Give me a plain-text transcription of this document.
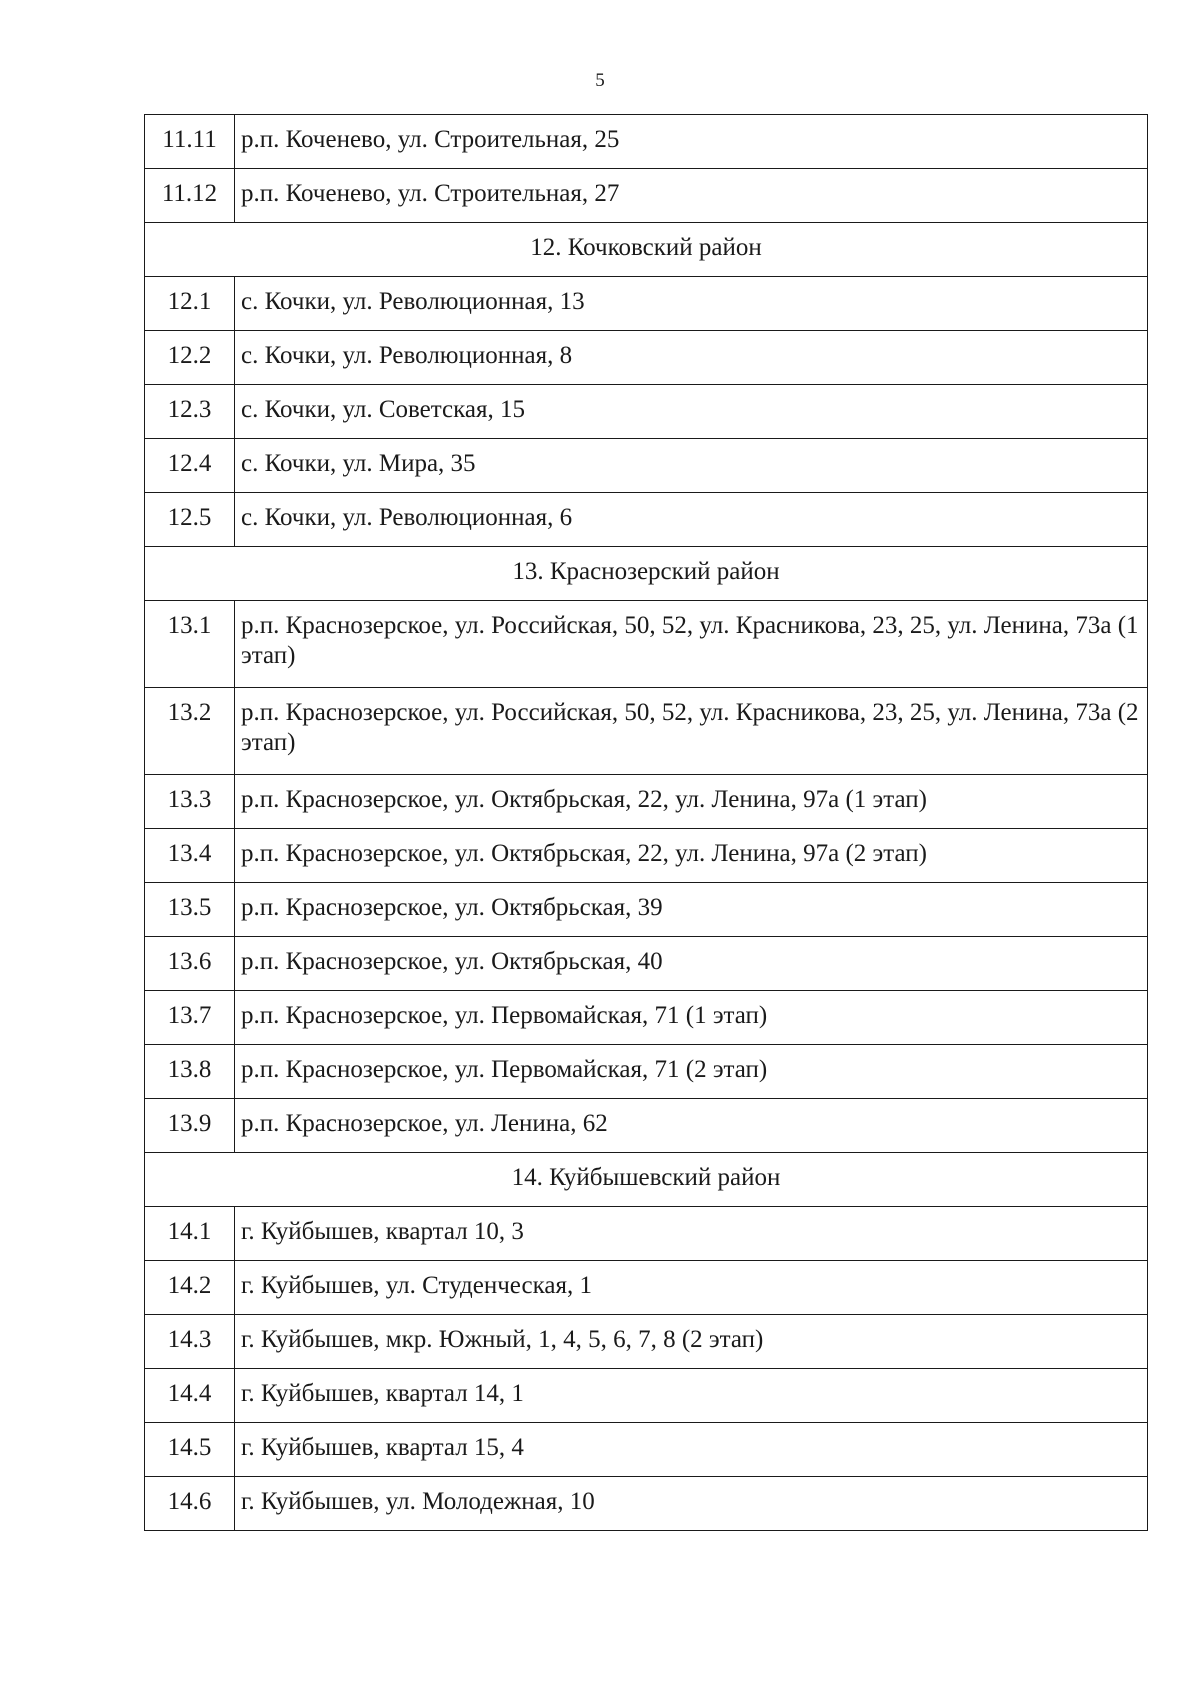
5
11.11	р.п. Коченево, ул. Строительная, 25
11.12	р.п. Коченево, ул. Строительная, 27
12. Кочковский район	
12.1	с. Кочки, ул. Революционная, 13
12.2	с. Кочки, ул. Революционная, 8
12.3	с. Кочки, ул. Советская, 15
12.4	с. Кочки, ул. Мира, 35
12.5	с. Кочки, ул. Революционная, 6
13. Краснозерский район	
13.1	р.п. Краснозерское, ул. Российская, 50, 52, ул. Красникова, 23, 25, ул. Ленина, 73а (1 этап)
13.2	р.п. Краснозерское, ул. Российская, 50, 52, ул. Красникова, 23, 25, ул. Ленина, 73а (2 этап)
13.3	р.п. Краснозерское, ул. Октябрьская, 22, ул. Ленина, 97а (1 этап)
13.4	р.п. Краснозерское, ул. Октябрьская, 22, ул. Ленина, 97а (2 этап)
13.5	р.п. Краснозерское, ул. Октябрьская, 39
13.6	р.п. Краснозерское, ул. Октябрьская, 40
13.7	р.п. Краснозерское, ул. Первомайская, 71 (1 этап)
13.8	р.п. Краснозерское, ул. Первомайская, 71 (2 этап)
13.9	р.п. Краснозерское, ул. Ленина, 62
14. Куйбышевский район	
14.1	г. Куйбышев, квартал 10, 3
14.2	г. Куйбышев, ул. Студенческая, 1
14.3	г. Куйбышев, мкр. Южный, 1, 4, 5, 6, 7, 8 (2 этап)
14.4	г. Куйбышев, квартал 14, 1
14.5	г. Куйбышев, квартал 15, 4
14.6	г. Куйбышев, ул. Молодежная, 10
